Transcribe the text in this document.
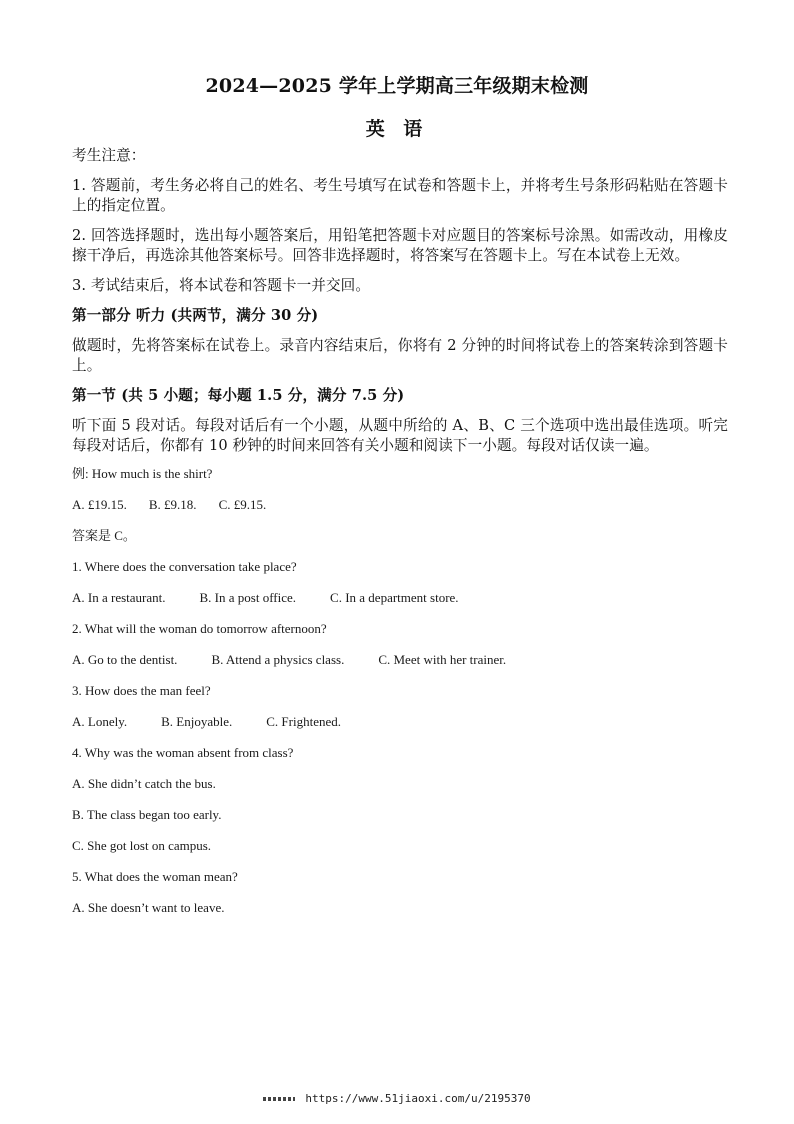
2024—2025 学年上学期高三年级期末检测
英 语

考生注意：

1. 答题前，考生务必将自己的姓名、考生号填写在试卷和答题卡上，并将考生号条形码粘贴在答题卡上的指定位置。

2. 回答选择题时，选出每小题答案后，用铅笔把答题卡对应题目的答案标号涂黑。如需改动，用橡皮擦干净后，再选涂其他答案标号。回答非选择题时，将答案写在答题卡上。写在本试卷上无效。

3. 考试结束后，将本试卷和答题卡一并交回。

第一部分 听力 (共两节，满分 30 分)

做题时，先将答案标在试卷上。录音内容结束后，你将有 2 分钟的时间将试卷上的答案转涂到答题卡上。

第一节 (共 5 小题；每小题 1.5 分，满分 7.5 分)

听下面 5 段对话。每段对话后有一个小题，从题中所给的 A、B、C 三个选项中选出最佳选项。听完每段对话后，你都有 10 秒钟的时间来回答有关小题和阅读下一小题。每段对话仅读一遍。

例: How much is the shirt?
A. £19.15. B. £9.18. C. £9.15.
答案是 C。
1. Where does the conversation take place?
A. In a restaurant.	B. In a post office.	C. In a department store.
2. What will the woman do tomorrow afternoon?
A. Go to the dentist.	B. Attend a physics class.	C. Meet with her trainer.
3. How does the man feel?
A. Lonely.	B. Enjoyable.	C. Frightened.
4. Why was the woman absent from class?
A. She didn’t catch the bus.
B. The class began too early.
C. She got lost on campus.
5. What does the woman mean?
A. She doesn’t want to leave.
https://www.51jiaoxi.com/u/2195370
